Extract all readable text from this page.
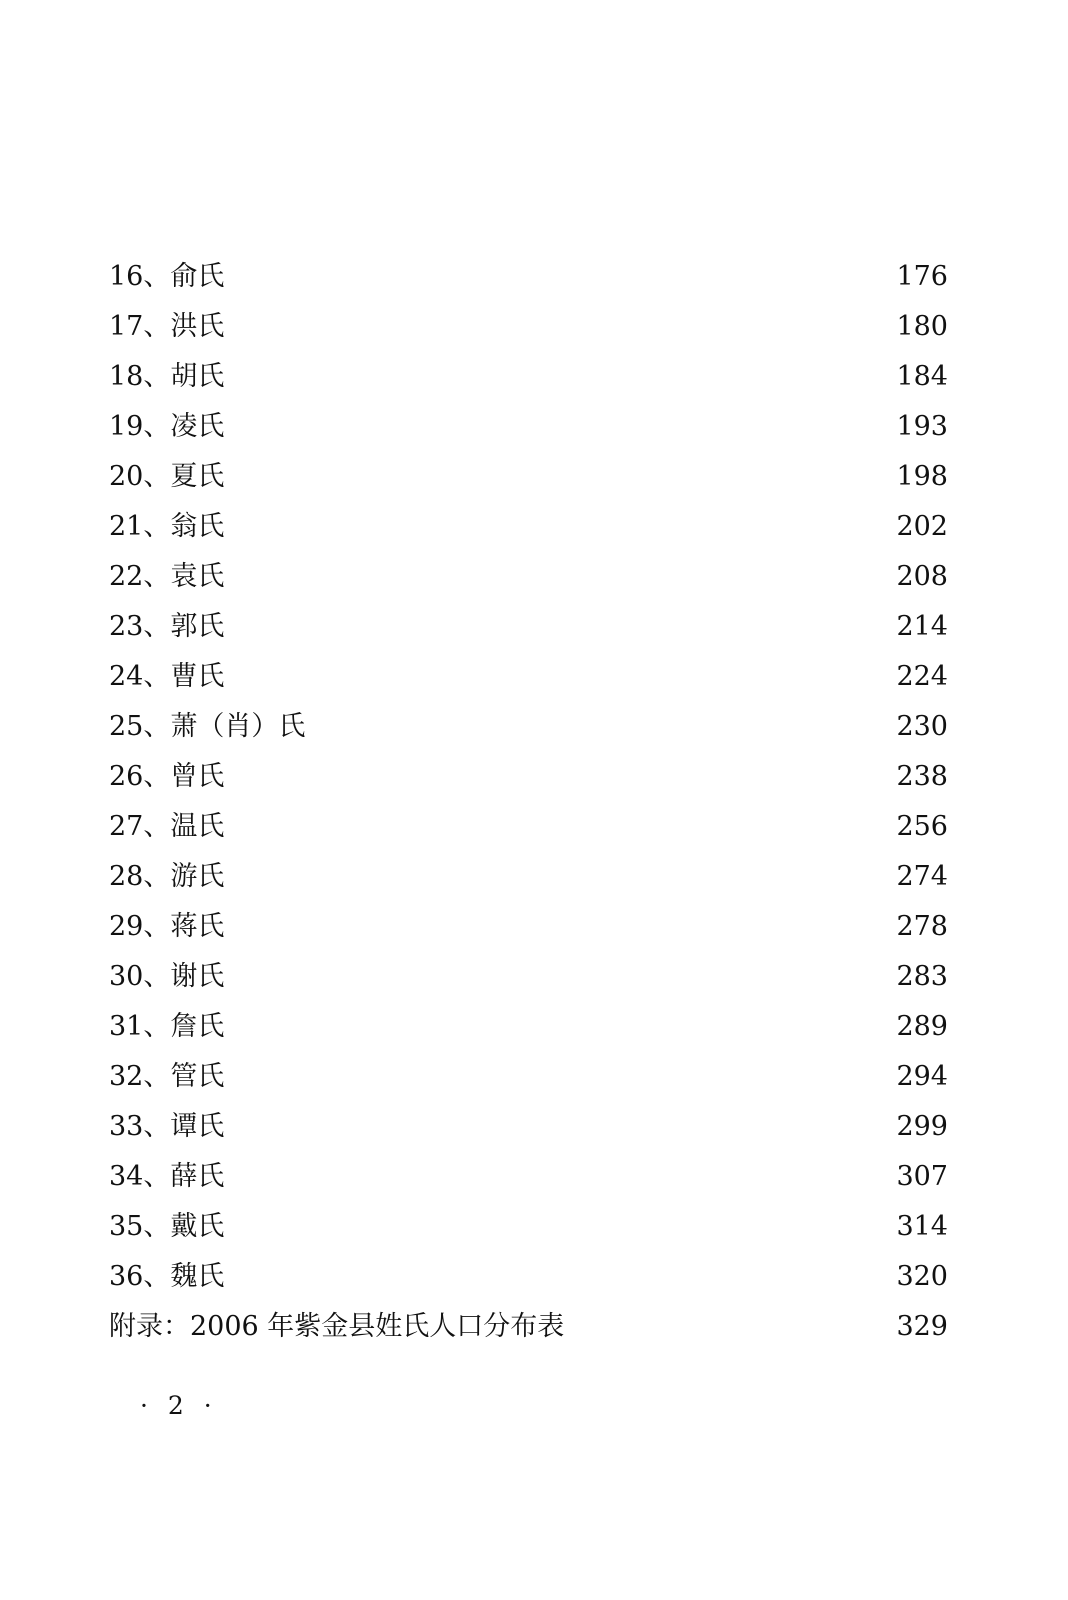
16、俞氏	176
17、洪氏	180
18、胡氏	184
19、凌氏	193
20、夏氏	198
21、翁氏	202
22、袁氏	208
23、郭氏	214
24、曹氏	224
25、萧（肖）氏	230
26、曾氏	238
27、温氏	256
28、游氏	274
29、蒋氏	278
30、谢氏	283
31、詹氏	289
32、管氏	294
33、谭氏	299
34、薛氏	307
35、戴氏	314
36、魏氏	320
附录：2006 年紫金县姓氏人口分布表	329
· 2 ·
